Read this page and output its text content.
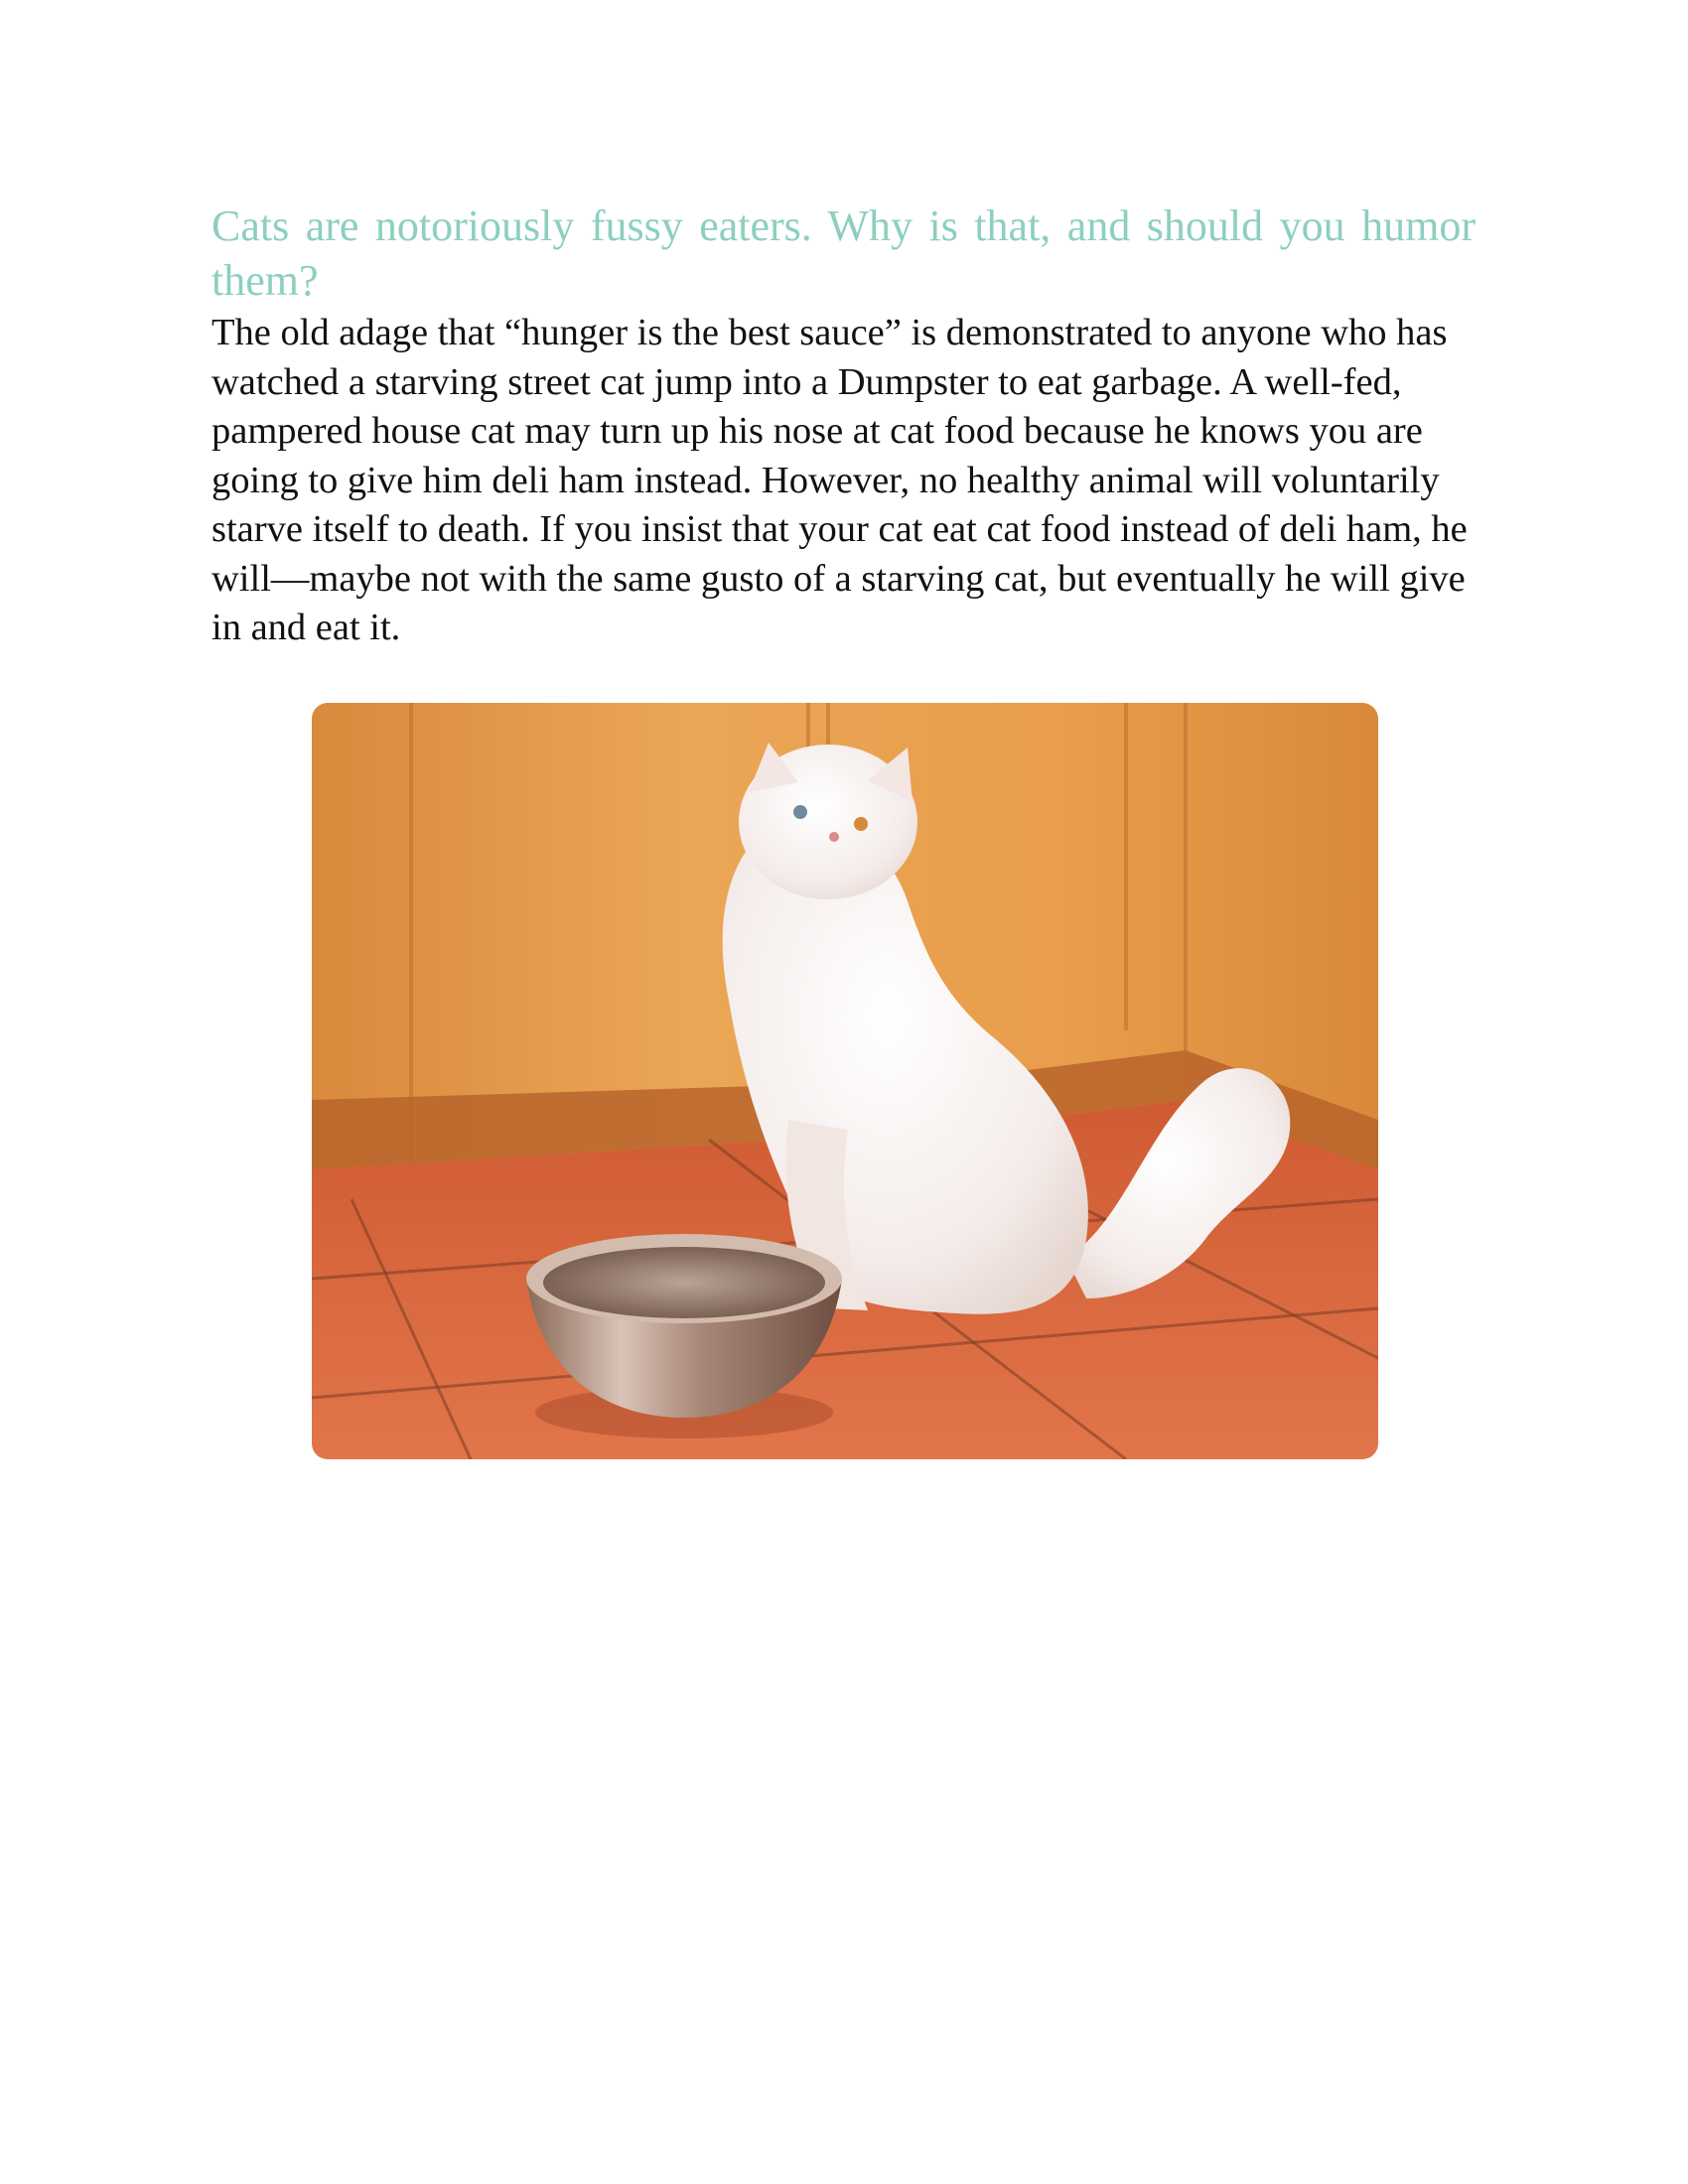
Cats are notoriously fussy eaters. Why is that, and should you humor them?

The old adage that “hunger is the best sauce” is demonstrated to anyone who has watched a starving street cat jump into a Dumpster to eat garbage. A well-fed, pampered house cat may turn up his nose at cat food because he knows you are going to give him deli ham instead. However, no healthy animal will voluntarily starve itself to death. If you insist that your cat eat cat food instead of deli ham, he will—maybe not with the same gusto of a starving cat, but eventually he will give in and eat it.
